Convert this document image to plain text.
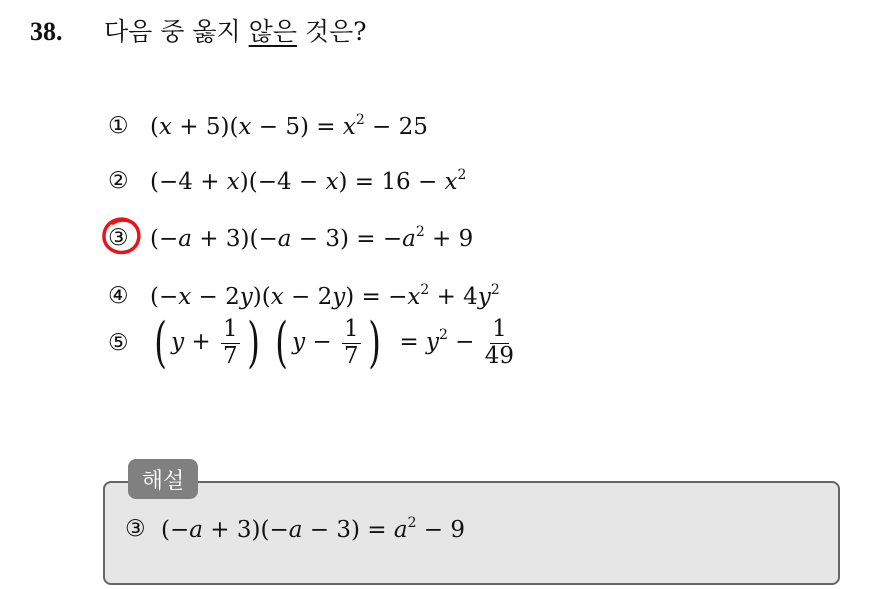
38.	다음 중 옳지 않은 것은?
① $(x + 5)(x - 5) = x^2 - 25$
② $(-4 + x)(-4 - x) = 16 - x^2$
③ $(-a + 3)(-a - 3) = -a^2 + 9$
④ $(-x - 2y)(x - 2y) = -x^2 + 4y^2$
⑤ ( $y + \frac{1}{7}$ ) ( $y - \frac{1}{7}$ )  = $y^2 - \frac{1}{49}$
해설
③ $(-a + 3)(-a - 3) = a^2 - 9$
